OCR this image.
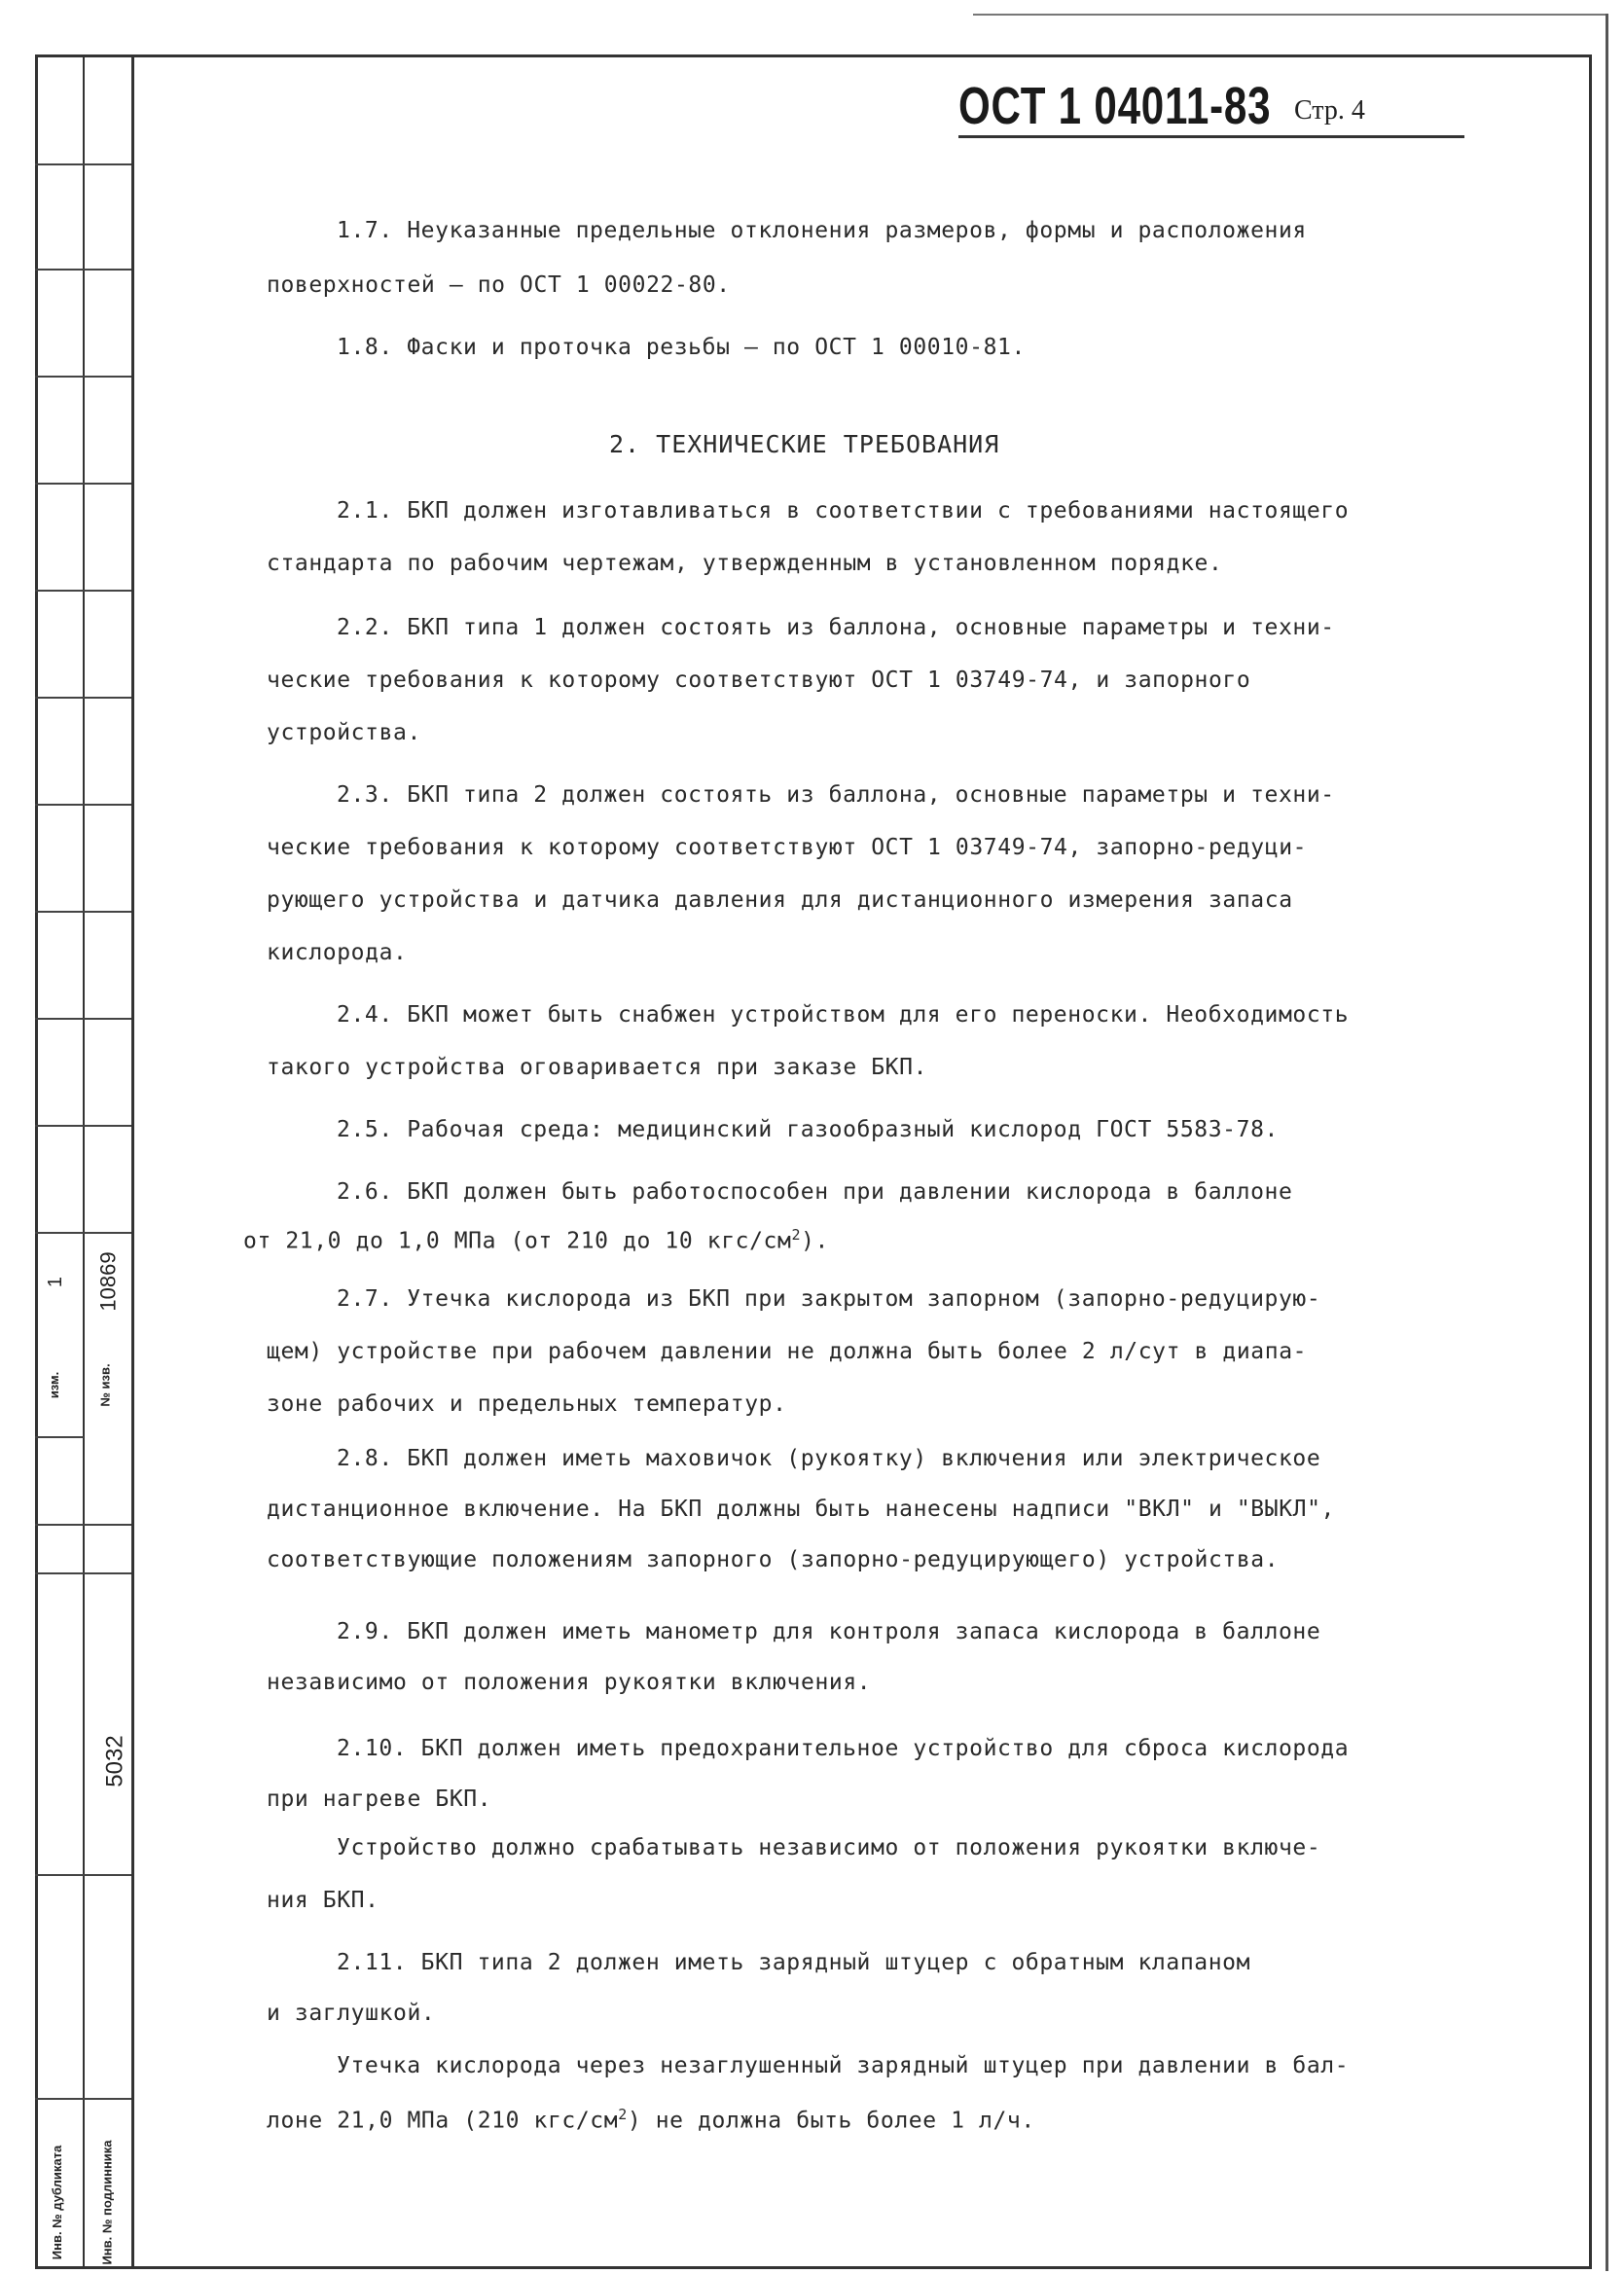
изм.
1
№ изв.
10869
5032
Инв. № дубликата	Инв. № подлинника
ОСТ 1 04011-83 Стр. 4
1.7. Неуказанные предельные отклонения размеров, формы и расположения
поверхностей – по ОСТ 1 00022-80.
1.8. Фаски и проточка резьбы – по ОСТ 1 00010-81.
2. ТЕХНИЧЕСКИЕ ТРЕБОВАНИЯ
2.1. БКП должен изготавливаться в соответствии с требованиями настоящего
стандарта по рабочим чертежам, утвержденным в установленном порядке.
2.2. БКП типа 1 должен состоять из баллона, основные параметры и техни-
ческие требования к которому соответствуют ОСТ 1 03749-74, и запорного
устройства.
2.3. БКП типа 2 должен состоять из баллона, основные параметры и техни-
ческие требования к которому соответствуют ОСТ 1 03749-74, запорно-редуци-
рующего устройства и датчика давления для дистанционного измерения запаса
кислорода.
2.4. БКП может быть снабжен устройством для его переноски. Необходимость
такого устройства оговаривается при заказе БКП.
2.5. Рабочая среда: медицинский газообразный кислород ГОСТ 5583-78.
2.6. БКП должен быть работоспособен при давлении кислорода в баллоне
от 21,0 до 1,0 МПа (от 210 до 10 кгс/$см^2$).
2.7. Утечка кислорода из БКП при закрытом запорном (запорно-редуцирую-
щем) устройстве при рабочем давлении не должна быть более 2 л/сут в диапа-
зоне рабочих и предельных температур.
2.8. БКП должен иметь маховичок (рукоятку) включения или электрическое
дистанционное включение. На БКП должны быть нанесены надписи "ВКЛ" и "ВЫКЛ",
соответствующие положениям запорного (запорно-редуцирующего) устройства.
2.9. БКП должен иметь манометр для контроля запаса кислорода в баллоне
независимо от положения рукоятки включения.
2.10. БКП должен иметь предохранительное устройство для сброса кислорода
при нагреве БКП.
Устройство должно срабатывать независимо от положения рукоятки включе-
ния БКП.
2.11. БКП типа 2 должен иметь зарядный штуцер с обратным клапаном
и заглушкой.
Утечка кислорода через незаглушенный зарядный штуцер при давлении в бал-
лоне 21,0 МПа (210 кгс/$см^2$) не должна быть более 1 л/ч.
